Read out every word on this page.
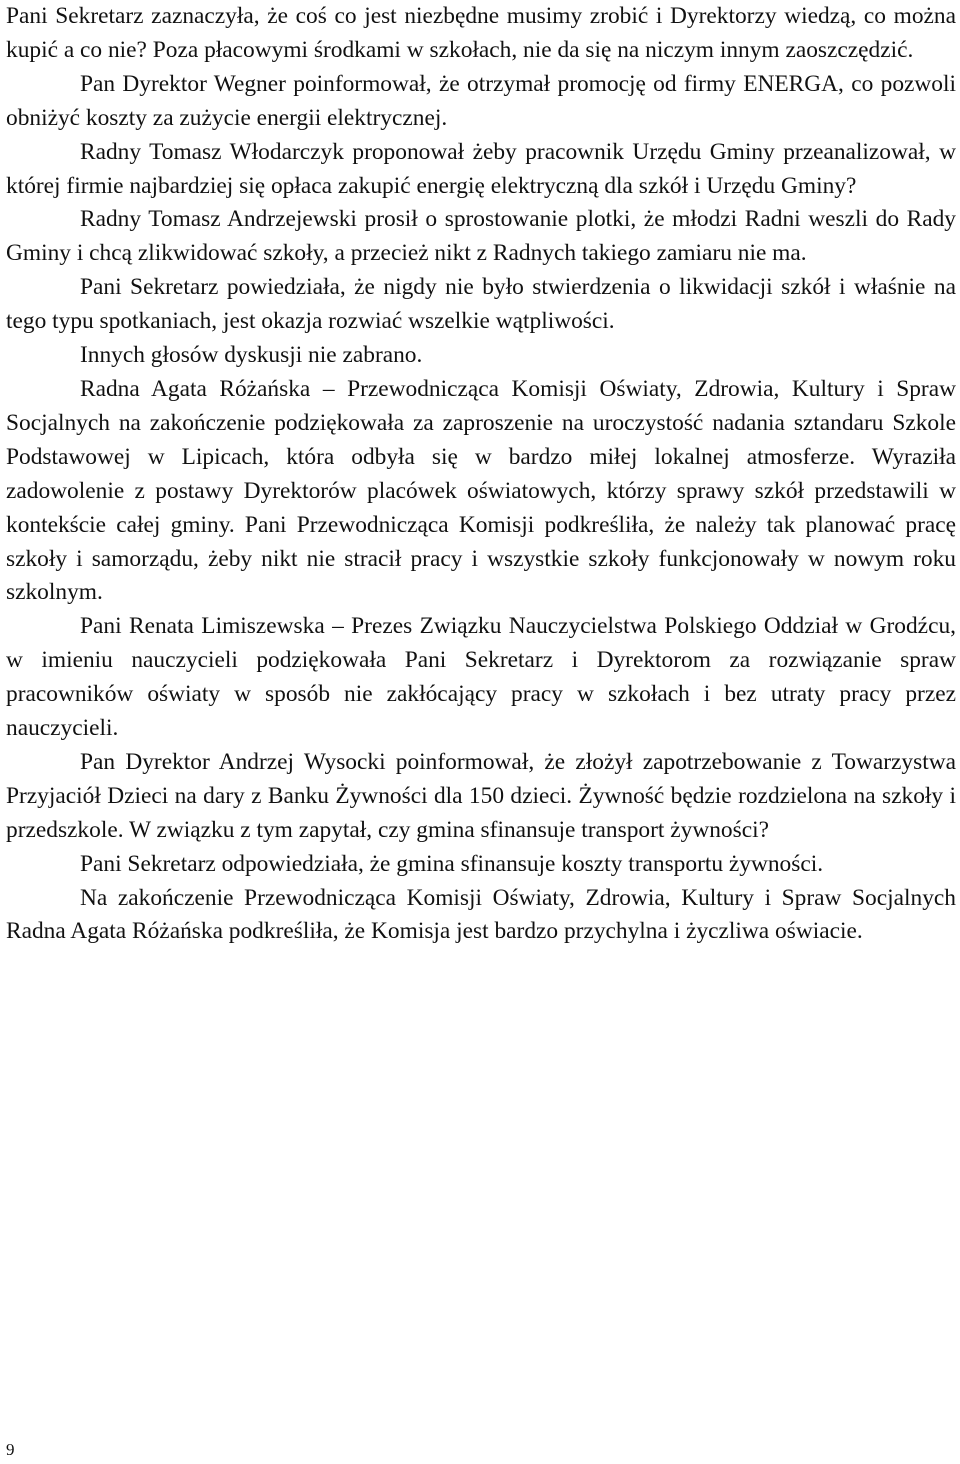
Pani Sekretarz zaznaczyła, że coś co jest niezbędne musimy zrobić i Dyrektorzy wiedzą, co można kupić a co nie? Poza płacowymi środkami w szkołach, nie da się na niczym innym zaoszczędzić.

Pan Dyrektor Wegner poinformował, że otrzymał promocję od firmy ENERGA, co pozwoli obniżyć koszty za zużycie energii elektrycznej.

Radny Tomasz Włodarczyk proponował żeby pracownik Urzędu Gminy przeanalizował, w której firmie najbardziej się opłaca zakupić energię elektryczną dla szkół i Urzędu Gminy?

Radny Tomasz Andrzejewski prosił o sprostowanie plotki, że młodzi Radni weszli do Rady Gminy i chcą zlikwidować szkoły, a przecież nikt z Radnych takiego zamiaru nie ma.

Pani Sekretarz powiedziała, że nigdy nie było stwierdzenia o likwidacji szkół i właśnie na tego typu spotkaniach, jest okazja rozwiać wszelkie wątpliwości.

Innych głosów dyskusji nie zabrano.

Radna Agata Różańska – Przewodnicząca Komisji Oświaty, Zdrowia, Kultury i Spraw Socjalnych na zakończenie podziękowała za zaproszenie na uroczystość nadania sztandaru Szkole Podstawowej w Lipicach, która odbyła się w bardzo miłej lokalnej atmosferze. Wyraziła zadowolenie z postawy Dyrektorów placówek oświatowych, którzy sprawy szkół przedstawili w kontekście całej gminy. Pani Przewodnicząca Komisji podkreśliła, że należy tak planować pracę szkoły i samorządu, żeby nikt nie stracił pracy i wszystkie szkoły funkcjonowały w nowym roku szkolnym.

Pani Renata Limiszewska – Prezes Związku Nauczycielstwa Polskiego Oddział w Grodźcu, w imieniu nauczycieli podziękowała Pani Sekretarz i Dyrektorom za rozwiązanie spraw pracowników oświaty w sposób nie zakłócający pracy w szkołach i bez utraty pracy przez nauczycieli.

Pan Dyrektor Andrzej Wysocki poinformował, że złożył zapotrzebowanie z Towarzystwa Przyjaciół Dzieci na dary z Banku Żywności dla 150 dzieci. Żywność będzie rozdzielona na szkoły i przedszkole. W związku z tym zapytał, czy gmina sfinansuje transport żywności?

Pani Sekretarz odpowiedziała, że gmina sfinansuje koszty transportu żywności.

Na zakończenie Przewodnicząca Komisji Oświaty, Zdrowia, Kultury i Spraw Socjalnych Radna Agata Różańska podkreśliła, że Komisja jest bardzo przychylna i życzliwa oświacie.

9
